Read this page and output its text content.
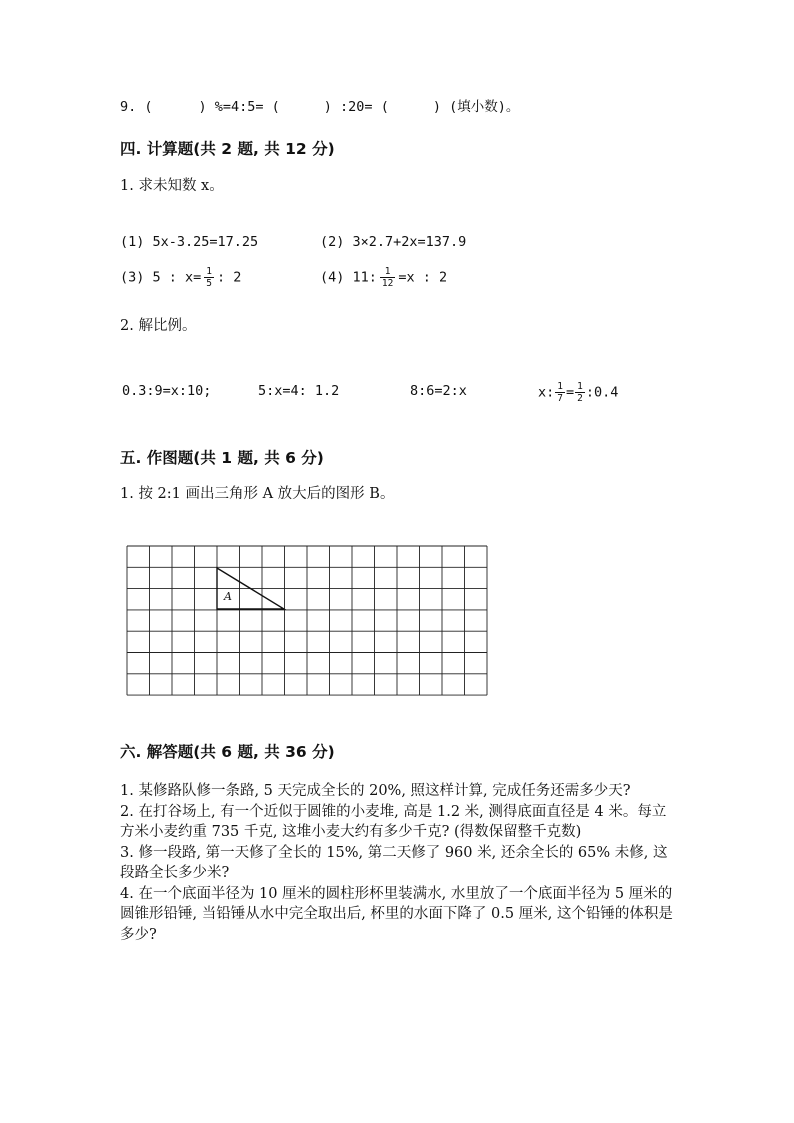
9. (	) %=4:5= (	) :20= (	) (填小数)。
四. 计算题(共 2 题, 共 12 分)
1. 求未知数 x。
(1) 5x-3.25=17.25	(2) 3×2.7+2x=137.9
(3) 5 : $x= \frac{1}{5}$ : 2	(4) 11: $\frac{1}{12} =x$ : 2
2. 解比例。
0.3:9=x:10;	5:x=4: 1.2	8:6=2:x	x: $\frac{1}{7} = \frac{1}{2}$ :0.4
五. 作图题(共 1 题, 共 6 分)
1. 按 2:1 画出三角形 A 放大后的图形 B。
A
六. 解答题(共 6 题, 共 36 分)

1. 某修路队修一条路, 5 天完成全长的 20%, 照这样计算, 完成任务还需多少天?

2. 在打谷场上, 有一个近似于圆锥的小麦堆, 高是 1.2 米, 测得底面直径是 4 米。每立方米小麦约重 735 千克, 这堆小麦大约有多少千克? (得数保留整千克数)

3. 修一段路, 第一天修了全长的 15%, 第二天修了 960 米, 还余全长的 65% 未修, 这段路全长多少米?

4. 在一个底面半径为 10 厘米的圆柱形杯里装满水, 水里放了一个底面半径为 5 厘米的圆锥形铅锤, 当铅锤从水中完全取出后, 杯里的水面下降了 0.5 厘米, 这个铅锤的体积是多少?
